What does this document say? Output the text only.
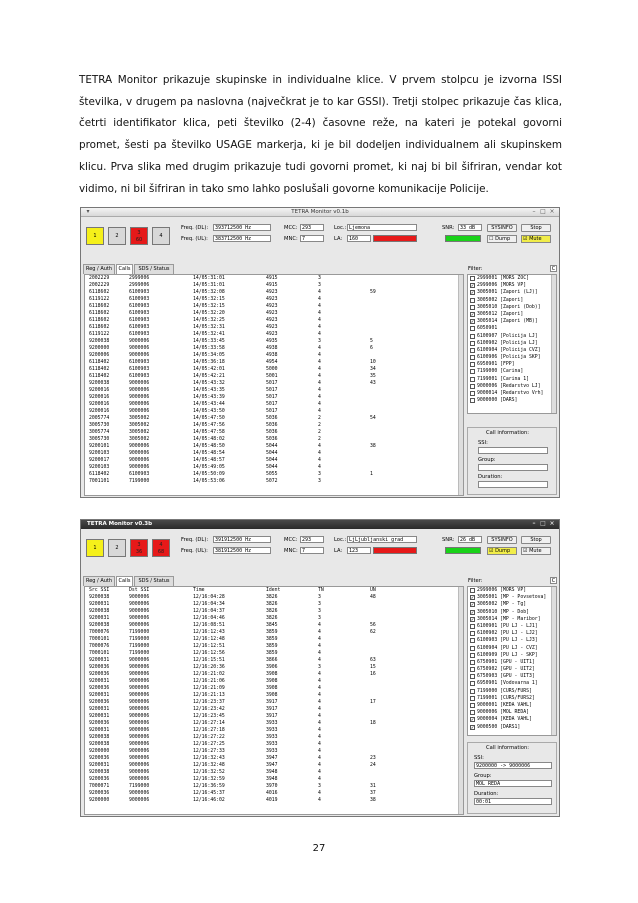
TETRA Monitor prikazuje skupinske in individualne klice. V prvem stolpcu je izvorna ISSI številka, v drugem pa naslovna (največkrat je to kar GSSI). Tretji stolpec prikazuje čas klica, četrti identifikator klica, peti številko (2-4) časovne reže, na kateri je potekal govorni promet, šesti pa številko USAGE markerja, ki je bil dodeljen individualnem ali skupinskem klicu. Prva slika med drugim prikazuje tudi govorni promet, ki naj bi bil šifriran, vendar kot vidimo, ni bil šifriran in tako smo lahko poslušali govorne komunikacije Policije.

TETRA Monitor v0.1b
▾	– □ ×
1	2	3
60
4
Freq. (DL):	393712500 Hz
Freq. (UL):	383712500 Hz
MCC: 293
MNC: 7
Loc.: Ljemona
LA:	160
SNR:	33 dB	SYSINFO	Stop
☐ Dump	☑ Mute
Reg / Auth	Calls	SDS / Status
2002229	2999006	14/05:31:01	4915	3
2002229	2999006	14/05:31:01	4915	3
6118602	6100903	14/05:32:08	4923	4	59
6119122	6100903	14/05:32:15	4923	4
6118602	6100903	14/05:32:15	4923	4
6118602	6100903	14/05:32:20	4923	4
6118602	6100903	14/05:32:25	4923	4
6118602	6100903	14/05:32:31	4923	4
6119122	6100903	14/05:32:41	4923	4
9200038	9000006	14/05:33:45	4935	3	5
9200000	9000006	14/05:33:58	4938	4	6
9200006	9000006	14/05:34:05	4938	4
6118402	6100903	14/05:36:18	4954	4	10
6118402	6100903	14/05:42:01	5000	4	34
6118402	6100903	14/05:42:21	5001	4	35
9200038	9000006	14/05:43:32	5017	4	43
9200016	9000006	14/05:43:35	5017	4
9200016	9000006	14/05:43:39	5017	4
9200016	9000006	14/05:43:44	5017	4
9200016	9000006	14/05:43:50	5017	4
2005774	3005002	14/05:47:50	5036	2	54
3005730	3005002	14/05:47:56	5036	2
3005774	3005002	14/05:47:58	5036	2
3005730	3005002	14/05:48:02	5036	2
9200101	9000006	14/05:48:50	5044	4	38
9200103	9000006	14/05:48:54	5044	4
9200017	9000006	14/05:48:57	5044	4
9200103	9000006	14/05:49:05	5044	4
6118402	6100903	14/05:50:09	5055	3	1
7001101	7199000	14/05:53:06	5072	3
Filter:	C
2999001 [MORS ZOC]
✓ 2999006 [MORS VP]
✓ 3005001 [Zapori (LJ)]
3005002 [Zapori]
3005010 [Zapori (Dob)]
✓ 3005012 [Zapori]
✓ 3005014 [Zapori (MB)]
6050901
6100907 [Policija LJ]
6100902 [Policija LJ]
6100904 [Policija CVZ]
6100906 [Policija SKP]
6950901 [FPP]
7199000 [Carina]
7199001 [Carina 1]
9000006 [Redarstvo LJ]
9000014 [Redarstvo Vrh]
9000000 [DARS]
Call information:
SSI:
Group:
Duration:
TETRA Monitor v0.3b	– □ ×
1	2	3
36
4
68
Freq. (DL):	391912500 Hz
Freq. (UL):	381912500 Hz
MCC: 293
MNC: 7
Loc.: LjLjubljanski grad
LA:	123
SNR:	26 dB	SYSINFO	Stop
☑ Dump	☑ Mute
Reg / Auth	Calls	SDS / Status
Src SSI	Dst SSI	Time	Ident	TN	UN
9200038	9000006	12/16:04:28	3826	3	48
9200031	9000006	12/16:04:34	3826	3
9200038	9000006	12/16:04:37	3826	3
9200031	9000006	12/16:04:46	3826	3
9200038	9000006	12/16:08:51	3845	4	56
7000076	7199000	12/16:12:43	3859	4	62
7000101	7199000	12/16:12:48	3859	4
7000076	7199000	12/16:12:51	3859	4
7000101	7199000	12/16:12:56	3859	4
9200031	9000006	12/16:15:51	3866	4	63
9200036	9000006	12/16:20:36	3906	3	15
9200036	9000006	12/16:21:02	3908	4	16
9200031	9000006	12/16:21:06	3908	4
9200036	9000006	12/16:21:09	3908	4
9200031	9000006	12/16:21:13	3908	4
9200036	9000006	12/16:23:37	3917	4	17
9200031	9000006	12/16:23:42	3917	4
9200031	9000006	12/16:23:45	3917	4
9200036	9000006	12/16:27:14	3933	4	18
9200031	9000006	12/16:27:18	3933	4
9200038	9000006	12/16:27:22	3933	4
9200038	9000006	12/16:27:25	3933	4
9200000	9000006	12/16:27:33	3933	4
9200036	9000006	12/16:32:43	3947	4	23
9200031	9000006	12/16:32:48	3947	4	24
9200038	9000006	12/16:32:52	3948	4
9200036	9000006	12/16:32:59	3948	4
7000071	7199000	12/16:36:59	3970	3	31
9200036	9000006	12/16:45:37	4016	4	37
9200000	9000006	12/16:46:02	4019	4	38
Filter:	C
2999006 [MORS VP]
✓ 3005001 [MP - Povsetova]
✓ 3005002 [MP - Tg]
✓ 3005010 [MP - Dob]
✓ 3005014 [MP - Maribor]
6100901 [PU LJ - LJ1]
6100902 [PU LJ - LJ2]
6100903 [PU LJ - LJ3]
6100904 [PU LJ - CVZ]
6100909 [PU LJ - SKP]
6750901 [GPU - UIT1]
6750902 [GPU - UIT2]
6750903 [GPU - UIT3]
6950901 [Vodovarna 1]
7199000 [CURS/FURS]
7199001 [CURS/FURS2]
9000001 [KEDA VAHL]
9000006 [MOL REDA]
✓ 9000004 [KEDA VAHL]
✓ 9000500 [DARS1]
Call information:
SSI:
9200000 -> 9000006
Group:
MOL REDA
Duration:
00:01
27
